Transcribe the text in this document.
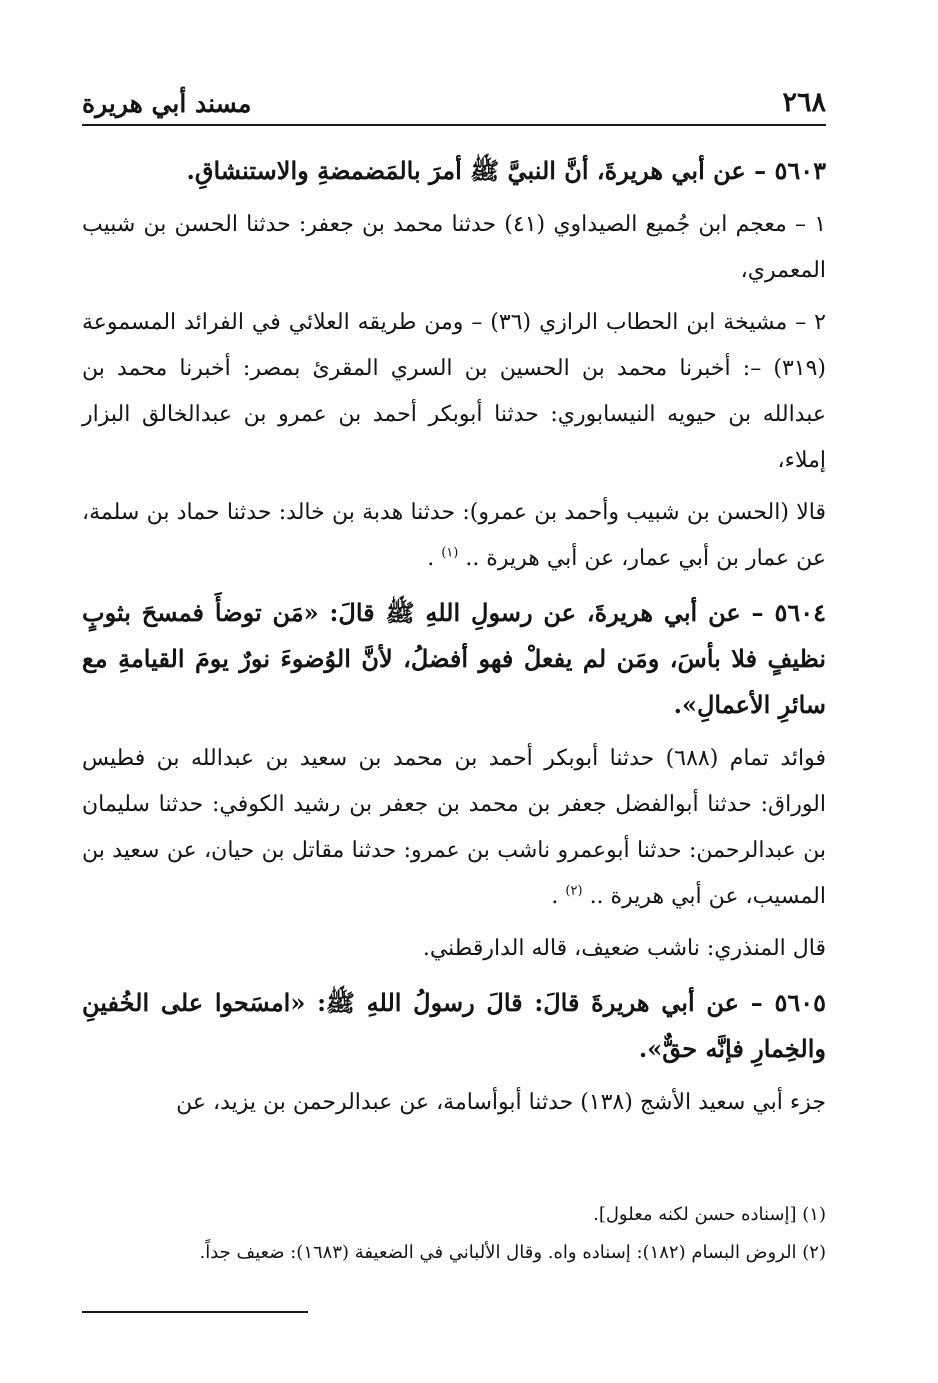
٢٦٨
مسند أبي هريرة

٥٦٠٣ – عن أبي هريرةَ، أنَّ النبيَّ ﷺ أمرَ بالمَضمضةِ والاستنشاقِ.

١ – معجم ابن جُميع الصيداوي (٤١) حدثنا محمد بن جعفر: حدثنا الحسن بن شبيب المعمري،

٢ – مشيخة ابن الحطاب الرازي (٣٦) – ومن طريقه العلائي في الفرائد المسموعة (٣١٩) –: أخبرنا محمد بن الحسين بن السري المقرئ بمصر: أخبرنا محمد بن عبدالله بن حيويه النيسابوري: حدثنا أبوبكر أحمد بن عمرو بن عبدالخالق البزار إملاء،

قالا (الحسن بن شبيب وأحمد بن عمرو): حدثنا هدبة بن خالد: حدثنا حماد بن سلمة، عن عمار بن أبي عمار، عن أبي هريرة .. $^{(١)}$ .

٥٦٠٤ – عن أبي هريرةَ، عن رسولِ اللهِ ﷺ قالَ: «مَن توضأَ فمسحَ بثوبٍ نظيفٍ فلا بأسَ، ومَن لم يفعلْ فهو أفضلُ، لأنَّ الوُضوءَ نورٌ يومَ القيامةِ مع سائرِ الأعمالِ».

فوائد تمام (٦٨٨) حدثنا أبوبكر أحمد بن محمد بن سعيد بن عبدالله بن فطيس الوراق: حدثنا أبوالفضل جعفر بن محمد بن جعفر بن رشيد الكوفي: حدثنا سليمان بن عبدالرحمن: حدثنا أبوعمرو ناشب بن عمرو: حدثنا مقاتل بن حيان، عن سعيد بن المسيب، عن أبي هريرة .. $^{(٢)}$ .

قال المنذري: ناشب ضعيف، قاله الدارقطني.

٥٦٠٥ – عن أبي هريرةَ قالَ: قالَ رسولُ اللهِ ﷺ: «امسَحوا على الخُفينِ والخِمارِ فإنَّه حقٌّ».

جزء أبي سعيد الأشج (١٣٨) حدثنا أبوأسامة، عن عبدالرحمن بن يزيد، عن

(١) [إسناده حسن لكنه معلول].

(٢) الروض البسام (١٨٢): إسناده واه. وقال الألباني في الضعيفة (١٦٨٣): ضعيف جداً.
